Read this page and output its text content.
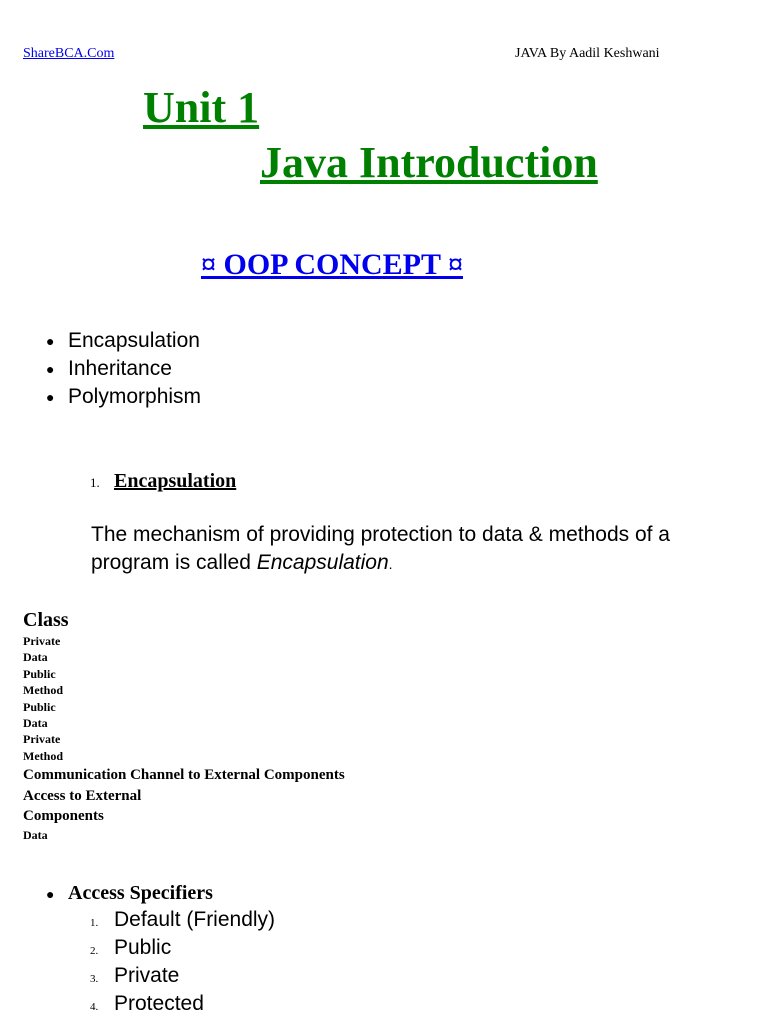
ShareBCA.Com	JAVA By Aadil Keshwani
Unit 1
Java Introduction
¤ OOP CONCEPT ¤
● Encapsulation
● Inheritance
● Polymorphism
1. Encapsulation
The mechanism of providing protection to data & methods of a program is called Encapsulation.
Class
Private
Data
Public
Method
Public
Data
Private
Method
Communication Channel to External Components
Access to External
Components
Data
● Access Specifiers
1. Default (Friendly)
2. Public
3. Private
4. Protected
